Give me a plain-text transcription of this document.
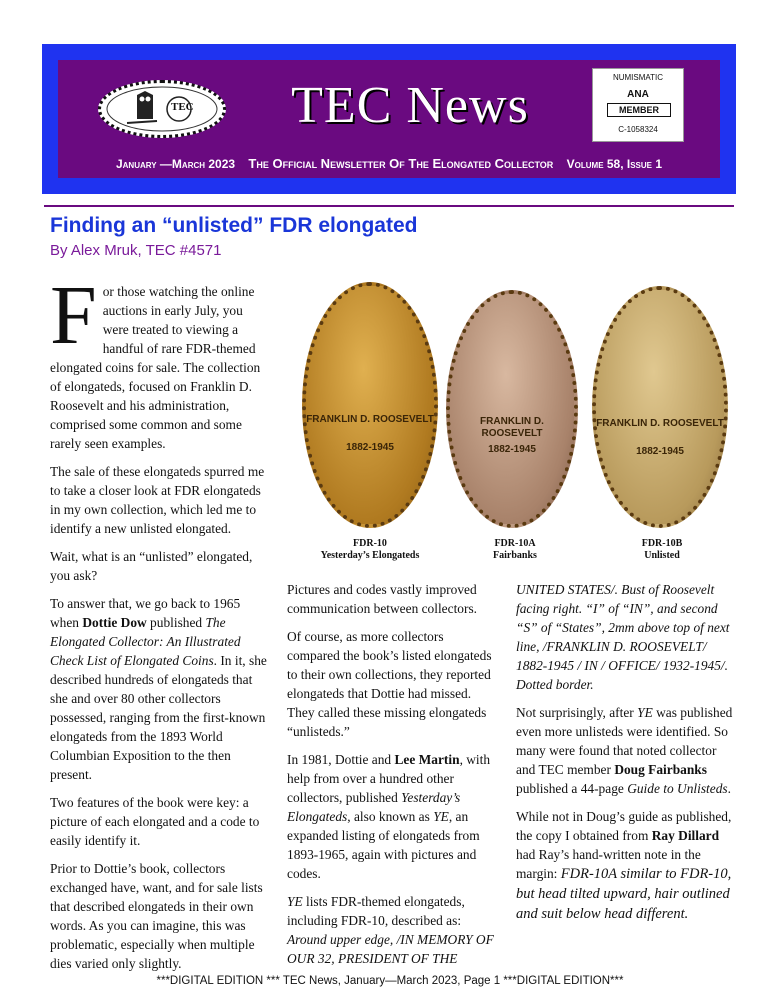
TEC	TEC News	NUMISMATIC
ANA
MEMBER
C-1058324
January —March 2023 The Official Newsletter Of The Elongated Collector Volume 58, Issue 1
Finding an “unlisted” FDR elongated
By Alex Mruk, TEC #4571

For those watching the online auctions in early July, you were treated to viewing a handful of rare FDR-themed elongated coins for sale. The collection of elongateds, focused on Franklin D. Roosevelt and his administration, comprised some common and some rarely seen examples.

The sale of these elongateds spurred me to take a closer look at FDR elongateds in my own collection, which led me to identify a new unlisted elongated.

Wait, what is an “unlisted” elongated, you ask?

To answer that, we go back to 1965 when Dottie Dow published The Elongated Collector: An Illustrated Check List of Elongated Coins. In it, she described hundreds of elongateds that she and over 80 other collectors possessed, ranging from the first-known elongateds from the 1893 World Columbian Exposition to the then present.

Two features of the book were key: a picture of each elongated and a code to easily identify it.

Prior to Dottie’s book, collectors exchanged have, want, and for sale lists that described elongateds in their own words. As you can imagine, this was problematic, especially when multiple dies varied only slightly.

FRANKLIN D. ROOSEVELT
1882-1945
FRANKLIN D. ROOSEVELT
1882-1945
FRANKLIN D. ROOSEVELT
1882-1945
FDR-10
Yesterday’s Elongateds
FDR-10A
Fairbanks
FDR-10B
Unlisted

Pictures and codes vastly improved communication between collectors.

Of course, as more collectors compared the book’s listed elongateds to their own collections, they reported elongateds that Dottie had missed. They called these missing elongateds “unlisteds.”

In 1981, Dottie and Lee Martin, with help from over a hundred other collectors, published Yesterday’s Elongateds, also known as YE, an expanded listing of elongateds from 1893-1965, again with pictures and codes.

YE lists FDR-themed elongateds, including FDR-10, described as: Around upper edge, /IN MEMORY OF OUR 32, PRESIDENT OF THE

UNITED STATES/. Bust of Roosevelt facing right. “I” of “IN”, and second “S” of “States”, 2mm above top of next line, /FRANKLIN D. ROOSEVELT/ 1882-1945 / IN / OFFICE/ 1932-1945/. Dotted border.

Not surprisingly, after YE was published even more unlisteds were identified. So many were found that noted collector and TEC member Doug Fairbanks published a 44-page Guide to Unlisteds.

While not in Doug’s guide as published, the copy I obtained from Ray Dillard had Ray’s hand-written note in the margin: FDR-10A similar to FDR-10, but head tilted upward, hair outlined and suit below head different.

***DIGITAL EDITION *** TEC News, January—March 2023, Page 1 ***DIGITAL EDITION***
